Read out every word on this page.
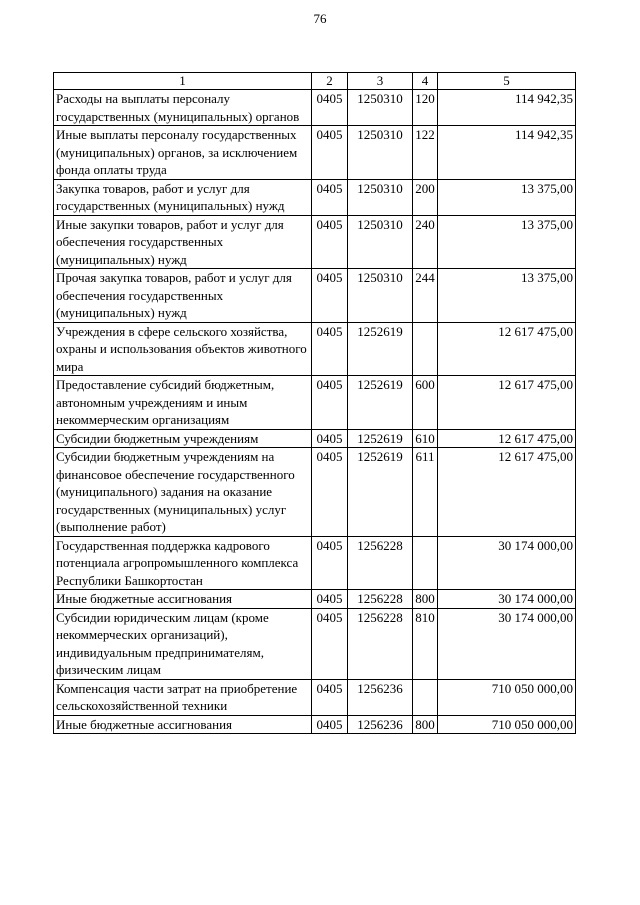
76
1	2	3	4	5
Расходы на выплаты персоналу государственных (муниципальных) органов	0405	1250310	120	114 942,35
Иные выплаты персоналу государственных (муниципальных) органов, за исключением фонда оплаты труда	0405	1250310	122	114 942,35
Закупка товаров, работ и услуг для государственных (муниципальных) нужд	0405	1250310	200	13 375,00
Иные закупки товаров, работ и услуг для обеспечения государственных (муниципальных) нужд	0405	1250310	240	13 375,00
Прочая закупка товаров, работ и услуг для обеспечения государственных (муниципальных) нужд	0405	1250310	244	13 375,00
Учреждения в сфере сельского хозяйства, охраны и использования объектов животного мира	0405	1252619		12 617 475,00
Предоставление субсидий бюджетным, автономным учреждениям и иным некоммерческим организациям	0405	1252619	600	12 617 475,00
Субсидии бюджетным учреждениям	0405	1252619	610	12 617 475,00
Субсидии бюджетным учреждениям на финансовое обеспечение государственного (муниципального) задания на оказание государственных (муниципальных) услуг (выполнение работ)	0405	1252619	611	12 617 475,00
Государственная поддержка кадрового потенциала агропромышленного комплекса Республики Башкортостан	0405	1256228		30 174 000,00
Иные бюджетные ассигнования	0405	1256228	800	30 174 000,00
Субсидии юридическим лицам (кроме некоммерческих организаций), индивидуальным предпринимателям, физическим лицам	0405	1256228	810	30 174 000,00
Компенсация части затрат на приобретение сельскохозяйственной техники	0405	1256236		710 050 000,00
Иные бюджетные ассигнования	0405	1256236	800	710 050 000,00
